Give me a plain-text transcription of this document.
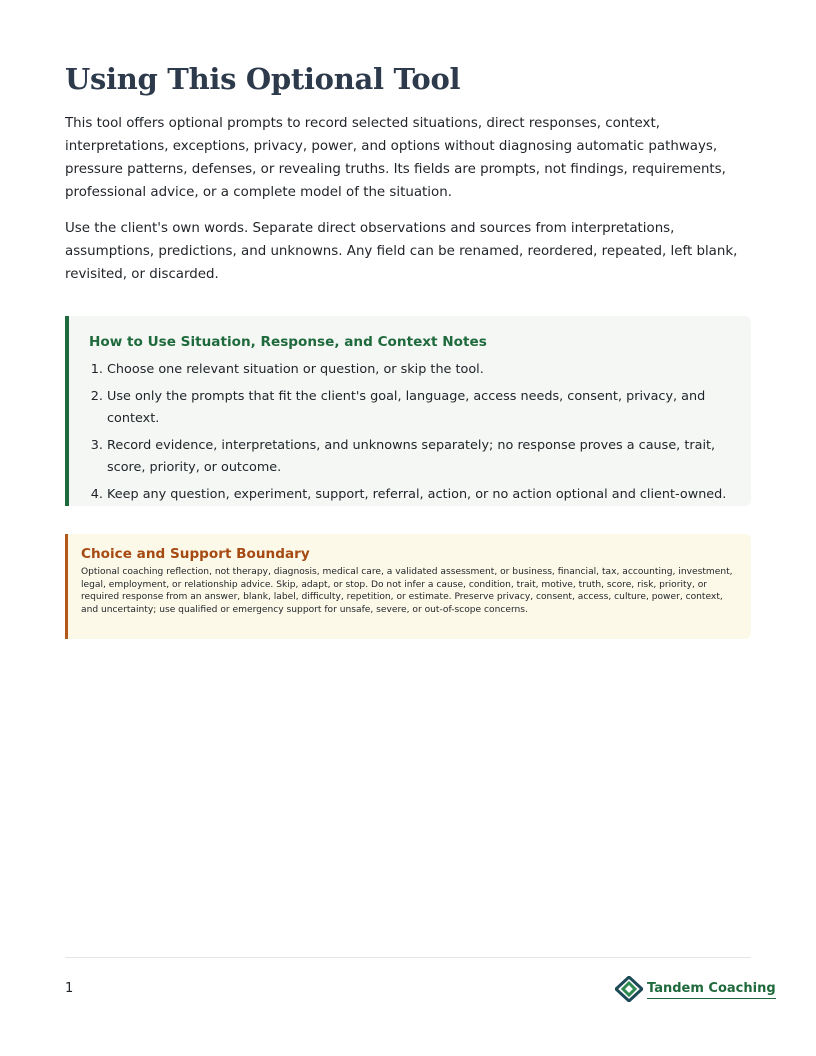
Using This Optional Tool

This tool offers optional prompts to record selected situations, direct responses, context, interpretations, exceptions, privacy, power, and options without diagnosing automatic pathways, pressure patterns, defenses, or revealing truths. Its fields are prompts, not findings, requirements, professional advice, or a complete model of the situation.

Use the client's own words. Separate direct observations and sources from interpretations, assumptions, predictions, and unknowns. Any field can be renamed, reordered, repeated, left blank, revisited, or discarded.

How to Use Situation, Response, and Context Notes
1. Choose one relevant situation or question, or skip the tool.
2. Use only the prompts that fit the client's goal, language, access needs, consent, privacy, and context.
3. Record evidence, interpretations, and unknowns separately; no response proves a cause, trait, score, priority, or outcome.
4. Keep any question, experiment, support, referral, action, or no action optional and client-owned.
Choice and Support Boundary

Optional coaching reflection, not therapy, diagnosis, medical care, a validated assessment, or business, financial, tax, accounting, investment, legal, employment, or relationship advice. Skip, adapt, or stop. Do not infer a cause, condition, trait, motive, truth, score, risk, priority, or required response from an answer, blank, label, difficulty, repetition, or estimate. Preserve privacy, consent, access, culture, power, context, and uncertainty; use qualified or emergency support for unsafe, severe, or out-of-scope concerns.

1	Tandem Coaching
